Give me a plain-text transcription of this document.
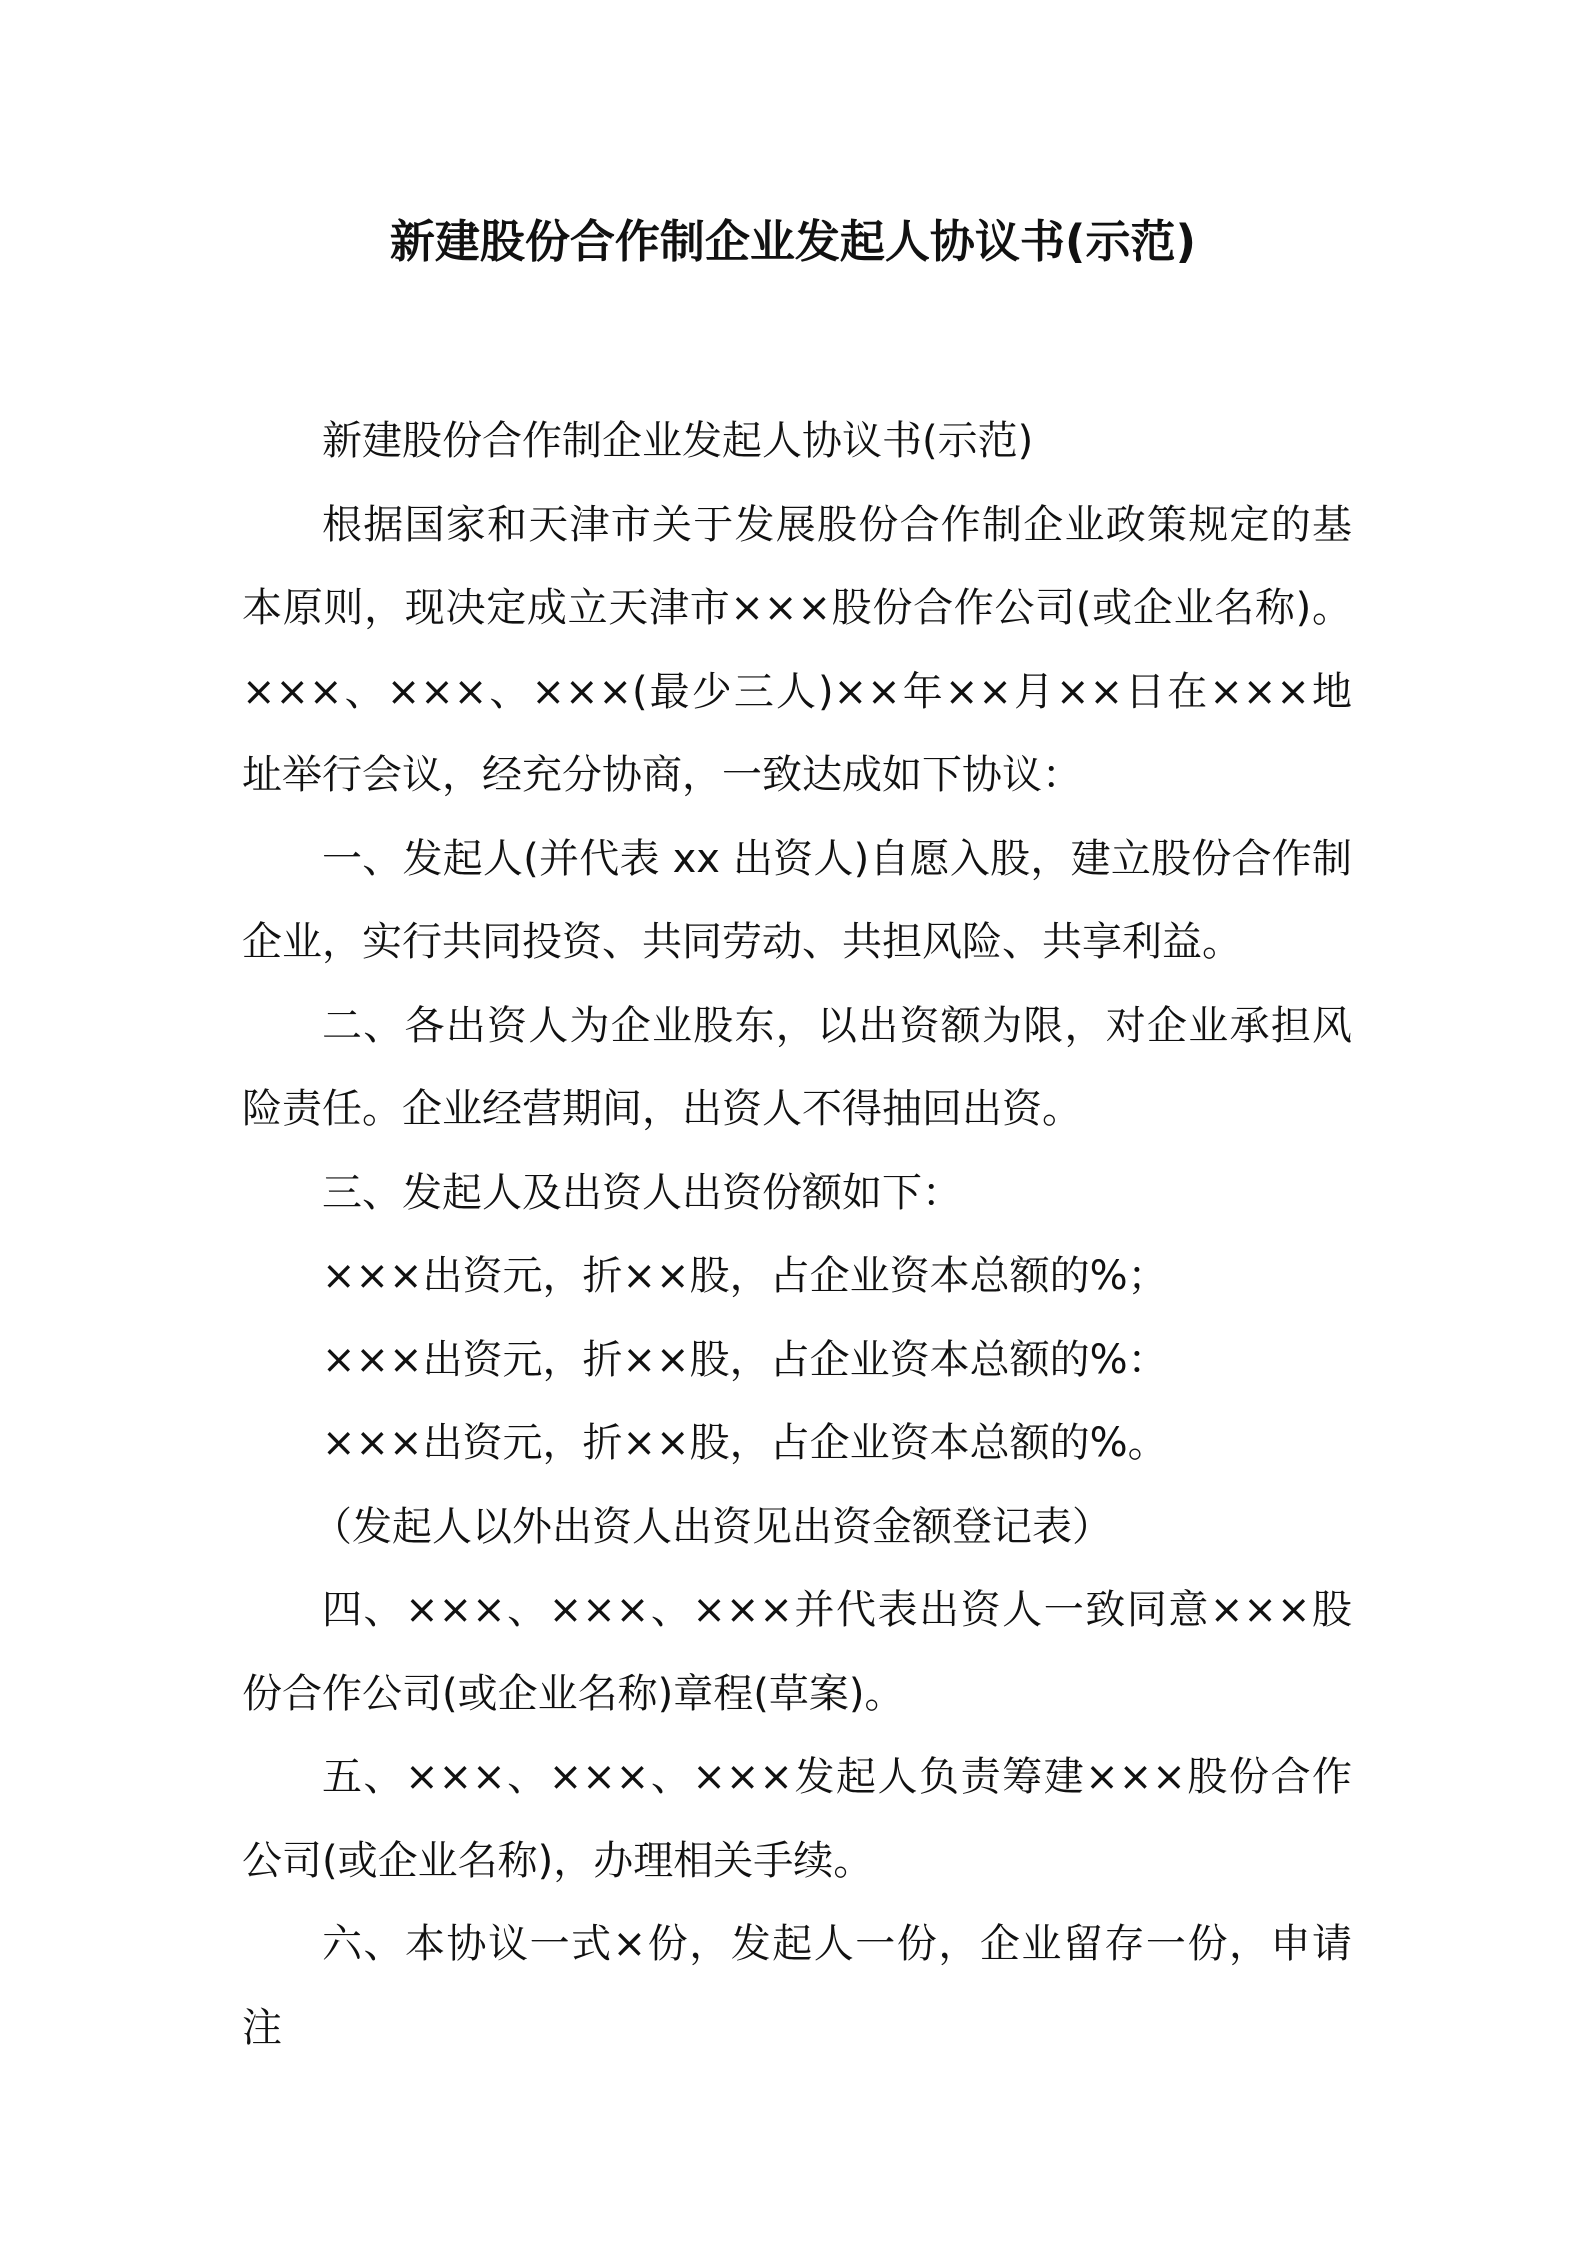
新建股份合作制企业发起人协议书(示范)

新建股份合作制企业发起人协议书(示范)

根据国家和天津市关于发展股份合作制企业政策规定的基本原则，现决定成立天津市×××股份合作公司(或企业名称)。×××、×××、×××(最少三人)××年××月××日在×××地址举行会议，经充分协商，一致达成如下协议：

一、发起人(并代表 xx 出资人)自愿入股，建立股份合作制企业，实行共同投资、共同劳动、共担风险、共享利益。

二、各出资人为企业股东，以出资额为限，对企业承担风险责任。企业经营期间，出资人不得抽回出资。

三、发起人及出资人出资份额如下：

×××出资元，折××股，占企业资本总额的%；

×××出资元，折××股，占企业资本总额的%：

×××出资元，折××股，占企业资本总额的%。

（发起人以外出资人出资见出资金额登记表）

四、×××、×××、×××并代表出资人一致同意×××股份合作公司(或企业名称)章程(草案)。

五、×××、×××、×××发起人负责筹建×××股份合作公司(或企业名称)，办理相关手续。

六、本协议一式×份，发起人一份，企业留存一份，申请注
